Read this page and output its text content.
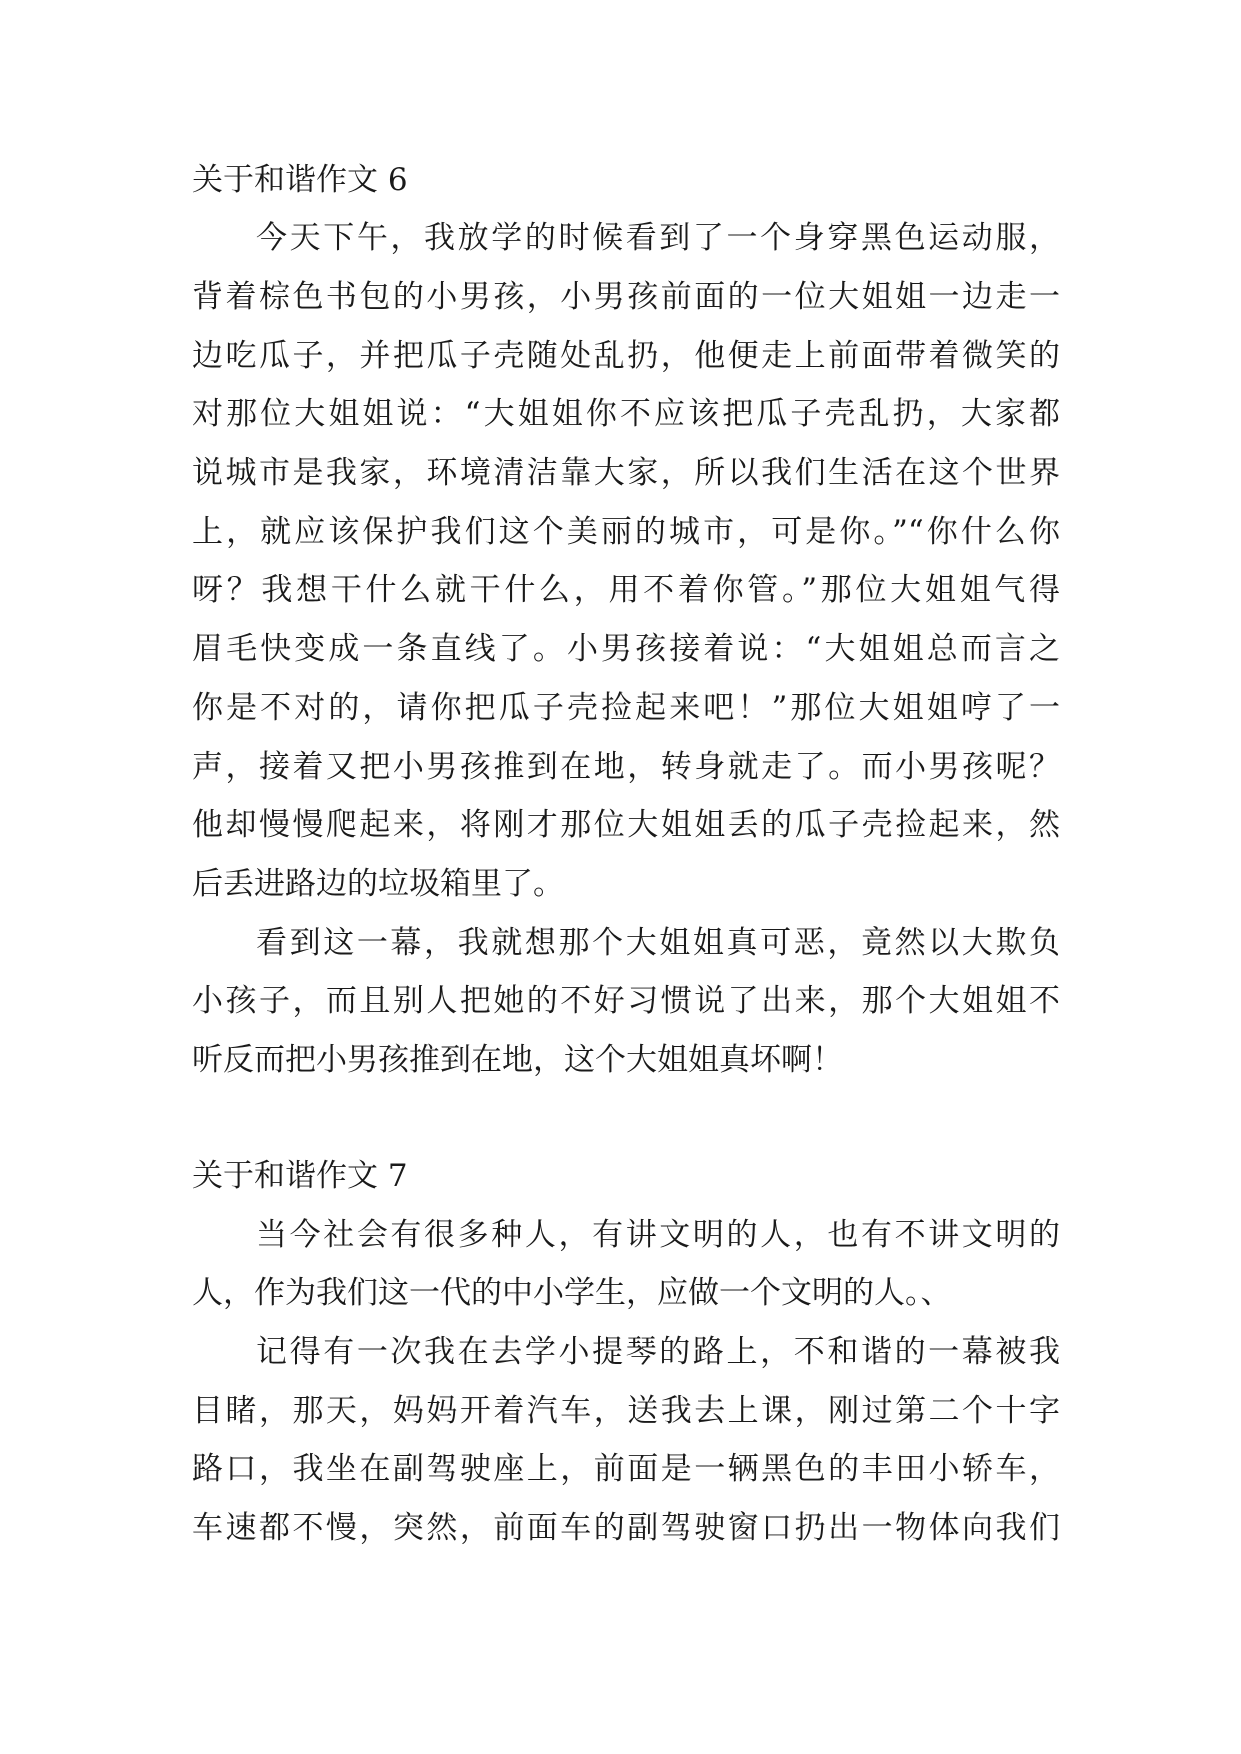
关于和谐作文 6
今天下午，我放学的时候看到了一个身穿黑色运动服，
背着棕色书包的小男孩，小男孩前面的一位大姐姐一边走一
边吃瓜子，并把瓜子壳随处乱扔，他便走上前面带着微笑的
对那位大姐姐说：“大姐姐你不应该把瓜子壳乱扔，大家都
说城市是我家，环境清洁靠大家，所以我们生活在这个世界
上，就应该保护我们这个美丽的城市，可是你。”“你什么你
呀？我想干什么就干什么，用不着你管。”那位大姐姐气得
眉毛快变成一条直线了。小男孩接着说：“大姐姐总而言之
你是不对的，请你把瓜子壳捡起来吧！”那位大姐姐哼了一
声，接着又把小男孩推到在地，转身就走了。而小男孩呢？
他却慢慢爬起来，将刚才那位大姐姐丢的瓜子壳捡起来，然
后丢进路边的垃圾箱里了。
看到这一幕，我就想那个大姐姐真可恶，竟然以大欺负
小孩子，而且别人把她的不好习惯说了出来，那个大姐姐不
听反而把小男孩推到在地，这个大姐姐真坏啊！
关于和谐作文 7
当今社会有很多种人，有讲文明的人，也有不讲文明的
人，作为我们这一代的中小学生，应做一个文明的人。、
记得有一次我在去学小提琴的路上，不和谐的一幕被我
目睹，那天，妈妈开着汽车，送我去上课，刚过第二个十字
路口，我坐在副驾驶座上，前面是一辆黑色的丰田小轿车，
车速都不慢，突然，前面车的副驾驶窗口扔出一物体向我们
